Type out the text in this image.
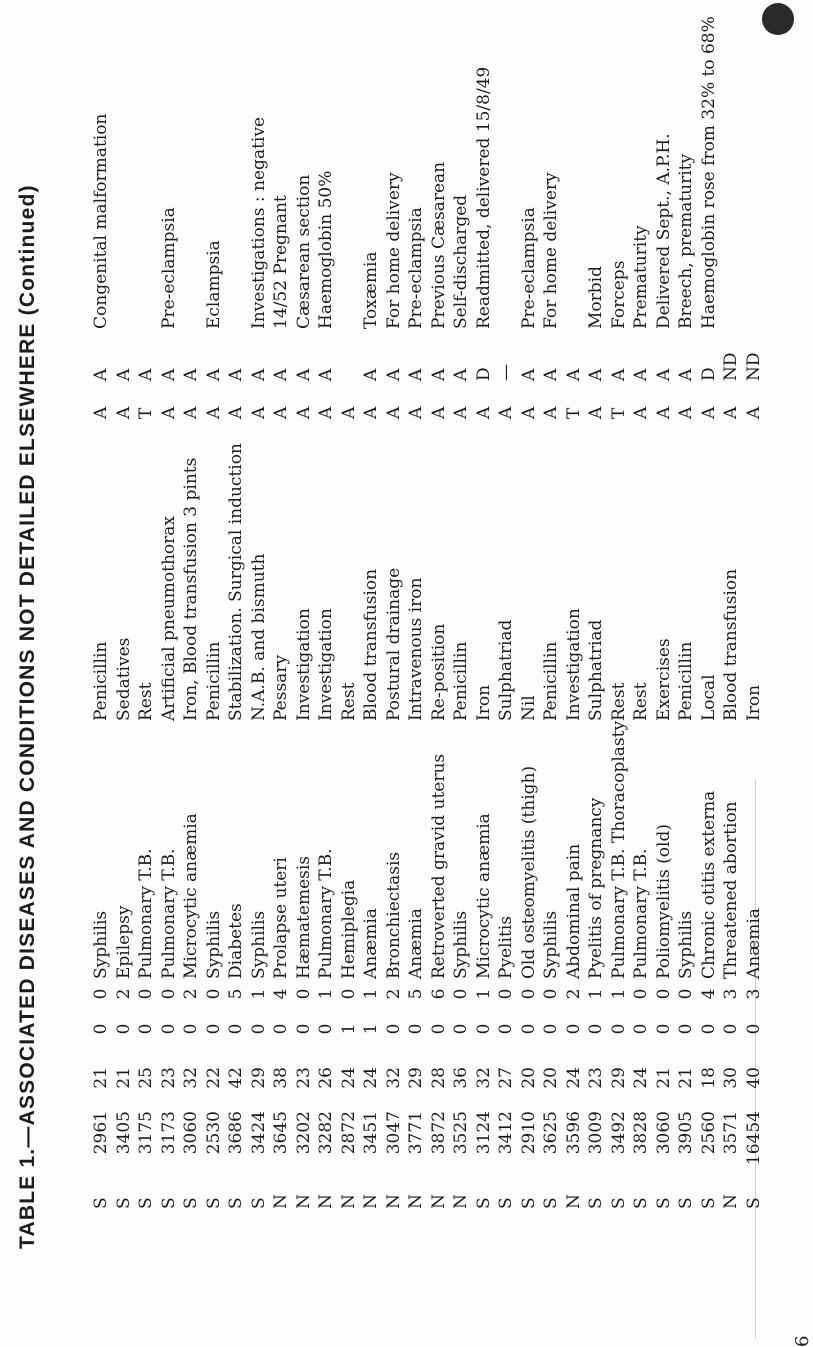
TABLE 1.—ASSOCIATED DISEASES AND CONDITIONS NOT DETAILED ELSEWHERE (Continued)
6
S
2961
21
0
0
Syphilis
Penicillin
A
A
Congenital malformation
S
3405
21
0
2
Epilepsy
Sedatives
A
A
S
3175
25
0
0
Pulmonary T.B.
Rest
T
A
S
3173
23
0
0
Pulmonary T.B.
Artificial pneumothorax
A
A
Pre-eclampsia
S
3060
32
0
2
Microcytic anæmia
Iron, Blood transfusion 3 pints
A
A
S
2530
22
0
0
Syphilis
Penicillin
A
A
Eclampsia
S
3686
42
0
5
Diabetes
Stabilization. Surgical induction
A
A
S
3424
29
0
1
Syphilis
N.A.B. and bismuth
A
A
Investigations : negative
N
3645
38
0
4
Prolapse uteri
Pessary
A
A
14/52 Pregnant
N
3202
23
0
0
Hæmatemesis
Investigation
A
A
Cæsarean section
N
3282
26
0
1
Pulmonary T.B.
Investigation
A
A
Haemoglobin 50%
N
2872
24
1
0
Hemiplegia
Rest
A
N
3451
24
1
1
Anæmia
Blood transfusion
A
A
Toxæmia
N
3047
32
0
2
Bronchiectasis
Postural drainage
A
A
For home delivery
N
3771
29
0
5
Anæmia
Intravenous iron
A
A
Pre-eclampsia
N
3872
28
0
6
Retroverted gravid uterus
Re-position
A
A
Previous Cæsarean
N
3525
36
0
0
Syphilis
Penicillin
A
A
Self-discharged
S
3124
32
0
1
Microcytic anæmia
Iron
A
D
Readmitted, delivered 15/8/49
S
3412
27
0
0
Pyelitis
Sulphatriad
A
—
S
2910
20
0
0
Old osteomyelitis (thigh)
Nil
A
A
Pre-eclampsia
S
3625
20
0
0
Syphilis
Penicillin
A
A
For home delivery
N
3596
24
0
2
Abdominal pain
Investigation
T
A
S
3009
23
0
1
Pyelitis of pregnancy
Sulphatriad
A
A
Morbid
S
3492
29
0
1
Pulmonary T.B. Thoracoplasty
Rest
T
A
Forceps
S
3828
24
0
0
Pulmonary T.B.
Rest
A
A
Prematurity
S
3060
21
0
0
Poliomyelitis (old)
Exercises
A
A
Delivered Sept., A.P.H.
S
3905
21
0
0
Syphilis
Penicillin
A
A
Breech, prematurity
S
2560
18
0
4
Chronic otitis externa
Local
A
D
Haemoglobin rose from 32% to 68%
N
3571
30
0
3
Threatened abortion
Blood transfusion
A
ND
S
16454
40
0
3
Anæmia
Iron
A
ND
